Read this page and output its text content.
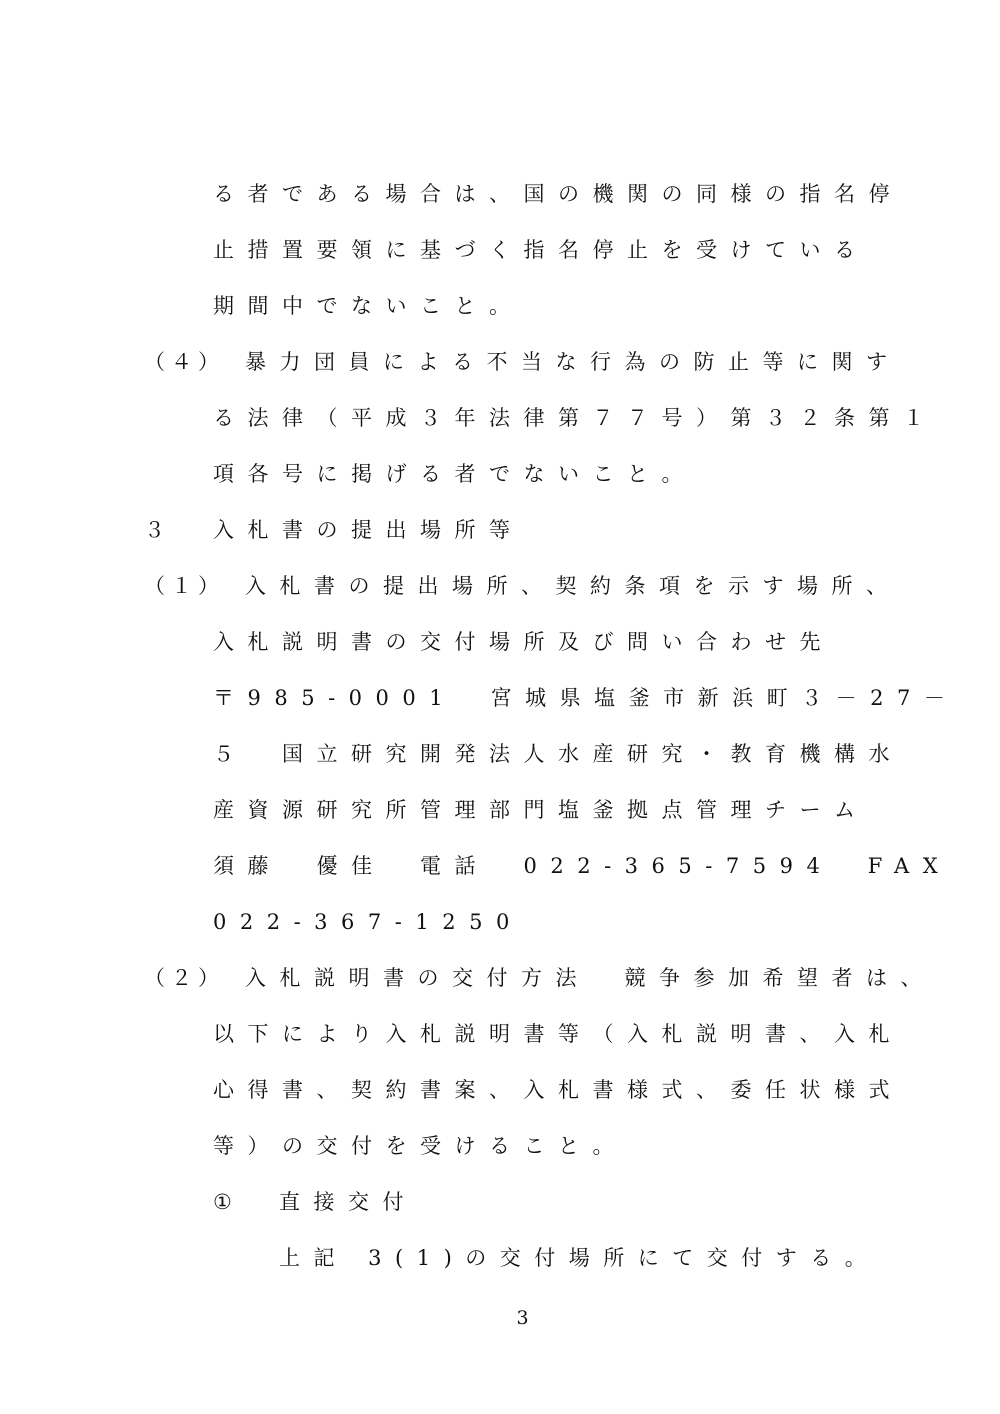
る者である場合は、国の機関の同様の指名停
止措置要領に基づく指名停止を受けている
期間中でないこと。
（４） 暴力団員による不当な行為の防止等に関す
る法律（平成３年法律第７７号）第３２条第１
項各号に掲げる者でないこと。
３ 入札書の提出場所等
（１） 入札書の提出場所、契約条項を示す場所、
入札説明書の交付場所及び問い合わせ先
〒985-0001　宮城県塩釜市新浜町３－27－
５　国立研究開発法人水産研究・教育機構水
産資源研究所管理部門塩釜拠点管理チーム
須藤　優佳　電話　022-365-7594　FAX
022-367-1250
（２） 入札説明書の交付方法　競争参加希望者は、
以下により入札説明書等（入札説明書、入札
心得書、契約書案、入札書様式、委任状様式
等）の交付を受けること。
① 直接交付
上記 3(1)の交付場所にて交付する。
3
